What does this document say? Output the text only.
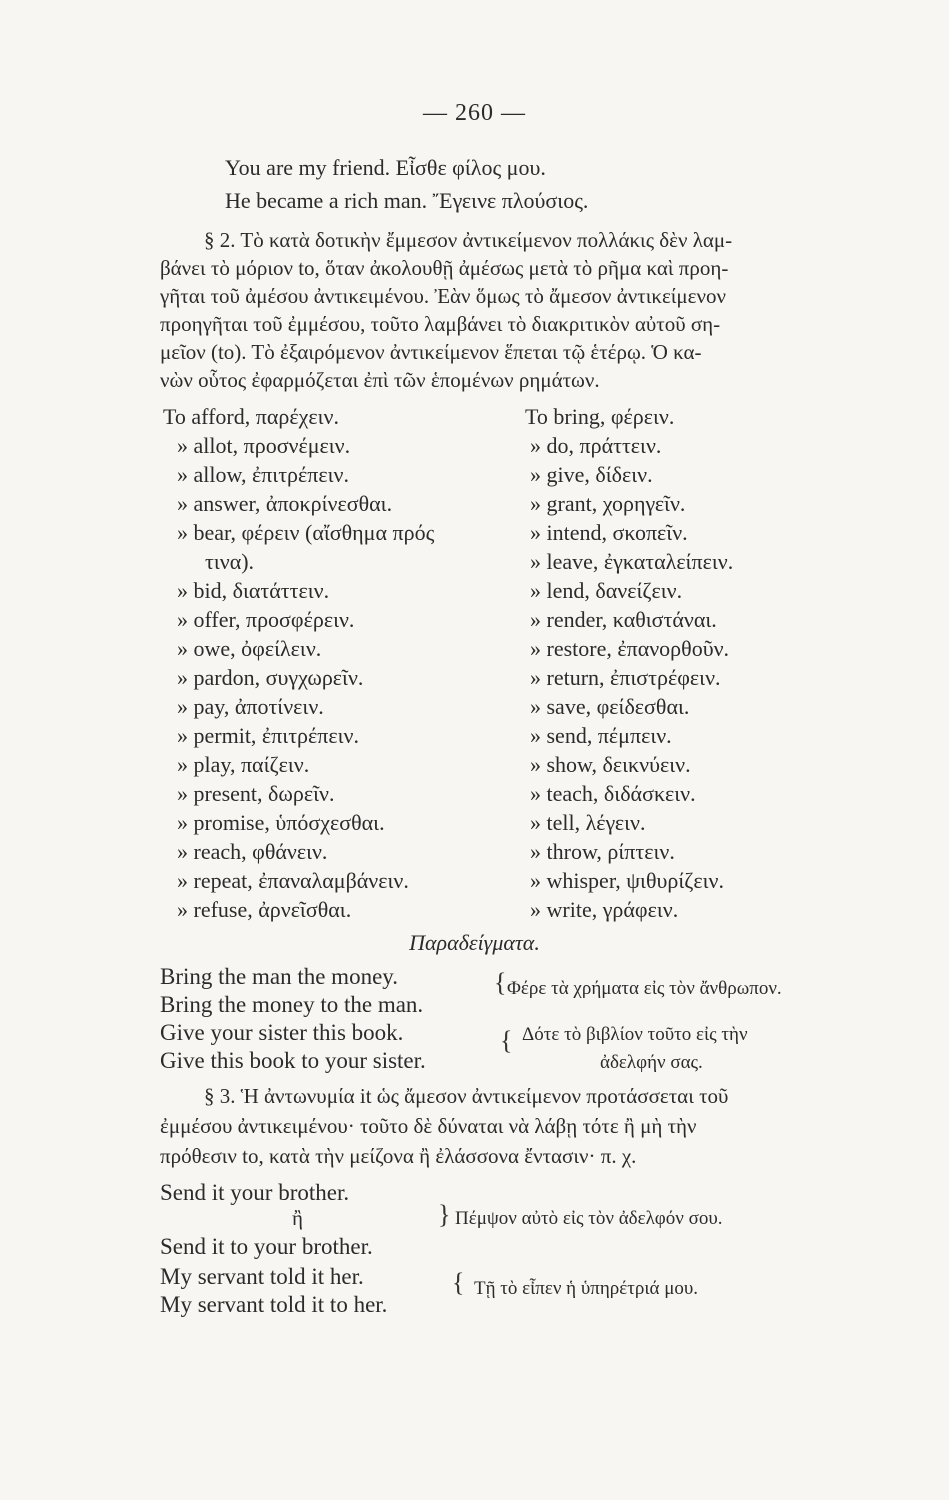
— 260 —
You are my friend. Εἶσθε φίλος μου.
He became a rich man. Ἔγεινε πλούσιος.
§ 2. Τὸ κατὰ δοτικὴν ἔμμεσον ἀντικείμενον πολλάκις δὲν λαμ-
βάνει τὸ μόριον to, ὅταν ἀκολουθῇ ἀμέσως μετὰ τὸ ρῆμα καὶ προη-
γῆται τοῦ ἀμέσου ἀντικειμένου. Ἐὰν ὅμως τὸ ἄμεσον ἀντικείμενον
προηγῆται τοῦ ἐμμέσου, τοῦτο λαμβάνει τὸ διακριτικὸν αὐτοῦ ση-
μεῖον (to). Τὸ ἐξαιρόμενον ἀντικείμενον ἕπεται τῷ ἑτέρῳ. Ὁ κα-
νὼν οὗτος ἐφαρμόζεται ἐπὶ τῶν ἑπομένων ρημάτων.
To afford, παρέχειν.
» allot, προσνέμειν.
» allow, ἐπιτρέπειν.
» answer, ἀποκρίνεσθαι.
» bear, φέρειν (αἴσθημα πρός
τινα).
» bid, διατάττειν.
» offer, προσφέρειν.
» owe, ὀφείλειν.
» pardon, συγχωρεῖν.
» pay, ἀποτίνειν.
» permit, ἐπιτρέπειν.
» play, παίζειν.
» present, δωρεῖν.
» promise, ὑπόσχεσθαι.
» reach, φθάνειν.
» repeat, ἐπαναλαμβάνειν.
» refuse, ἀρνεῖσθαι.
To bring, φέρειν.
» do, πράττειν.
» give, δίδειν.
» grant, χορηγεῖν.
» intend, σκοπεῖν.
» leave, ἐγκαταλείπειν.
» lend, δανείζειν.
» render, καθιστάναι.
» restore, ἐπανορθοῦν.
» return, ἐπιστρέφειν.
» save, φείδεσθαι.
» send, πέμπειν.
» show, δεικνύειν.
» teach, διδάσκειν.
» tell, λέγειν.
» throw, ρίπτειν.
» whisper, ψιθυρίζειν.
» write, γράφειν.
Παραδείγματα.
Bring the man the money.
Bring the money to the man.
{ Φέρε τὰ χρήματα εἰς τὸν ἄνθρωπον.
Give your sister this book.
Give this book to your sister.
{ Δότε τὸ βιβλίον τοῦτο εἰς τὴν
ἀδελφήν σας.
§ 3. Ἡ ἀντωνυμία it ὡς ἄμεσον ἀντικείμενον προτάσσεται τοῦ
ἐμμέσου ἀντικειμένου· τοῦτο δὲ δύναται νὰ λάβῃ τότε ἢ μὴ τὴν
πρόθεσιν to, κατὰ τὴν μείζονα ἢ ἐλάσσονα ἔντασιν· π. χ.
Send it your brother.
ἢ
Send it to your brother.
} Πέμψον αὐτὸ εἰς τὸν ἀδελφόν σου.
My servant told it her.
My servant told it to her.
{ Τῇ τὸ εἶπεν ἡ ὑπηρέτριά μου.
